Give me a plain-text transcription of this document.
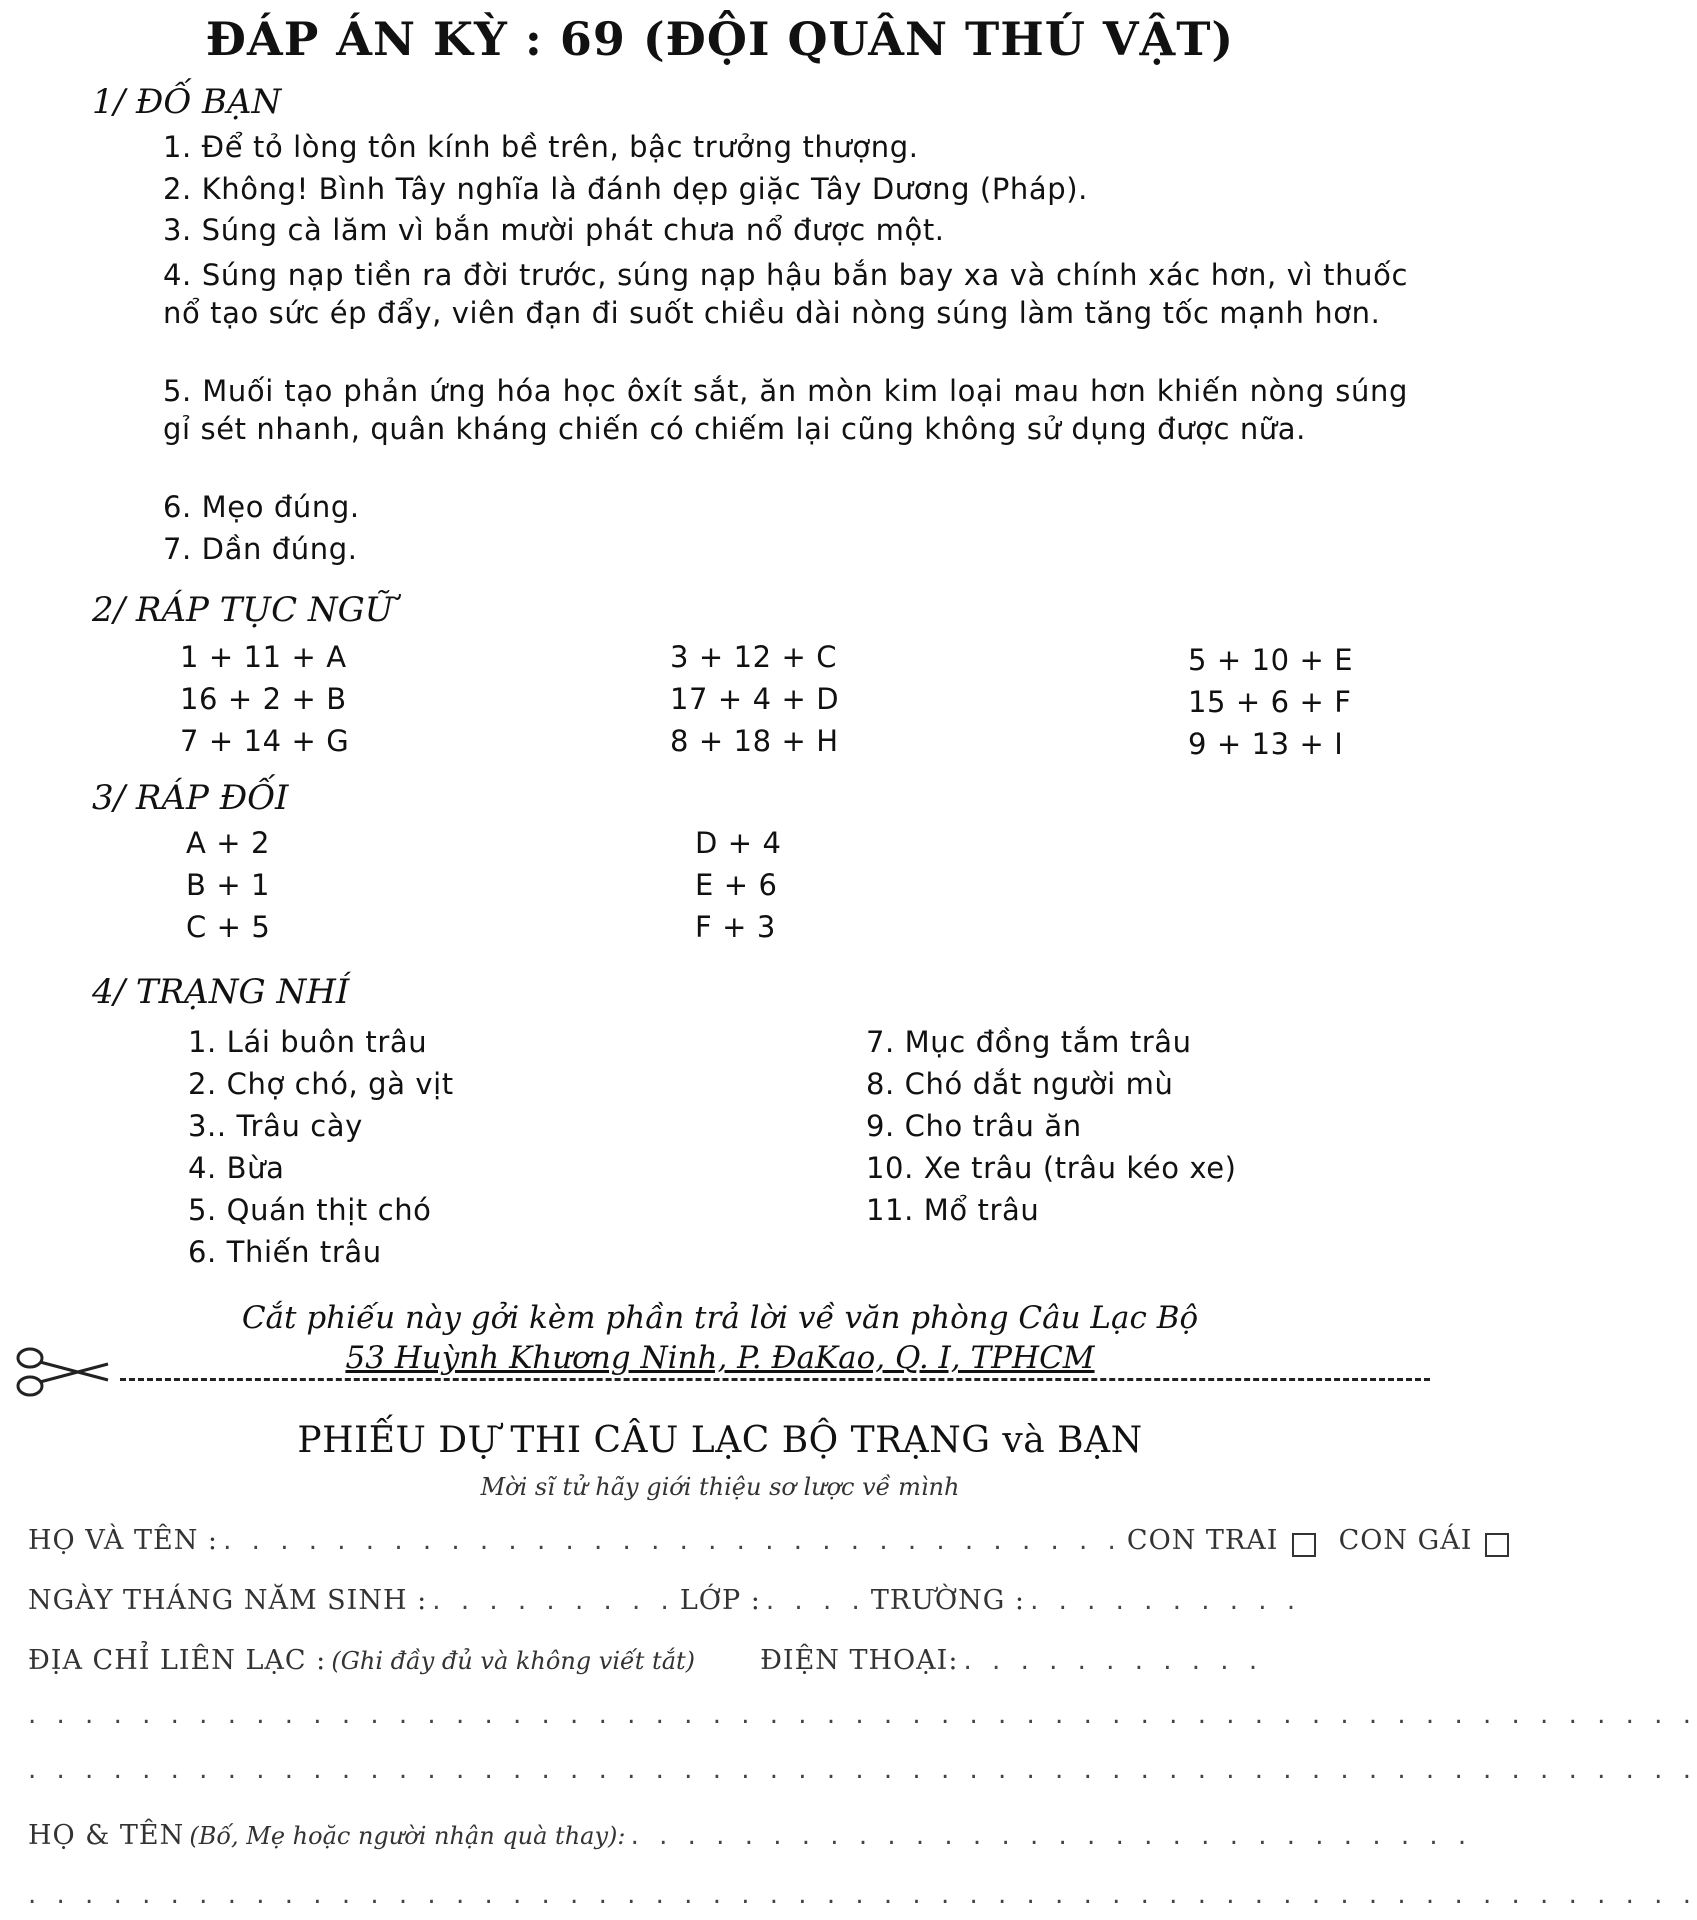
ĐÁP ÁN KỲ : 69 (ĐỘI QUÂN THÚ VẬT)
1/ ĐỐ BẠN
1. Để tỏ lòng tôn kính bề trên, bậc trưởng thượng.
2. Không! Bình Tây nghĩa là đánh dẹp giặc Tây Dương (Pháp).
3. Súng cà lăm vì bắn mười phát chưa nổ được một.
4. Súng nạp tiền ra đời trước, súng nạp hậu bắn bay xa và chính xác hơn, vì thuốc nổ tạo sức ép đẩy, viên đạn đi suốt chiều dài nòng súng làm tăng tốc mạnh hơn.
5. Muối tạo phản ứng hóa học ôxít sắt, ăn mòn kim loại mau hơn khiến nòng súng gỉ sét nhanh, quân kháng chiến có chiếm lại cũng không sử dụng được nữa.
6. Mẹo đúng.
7. Dần đúng.
2/ RÁP TỤC NGỮ
1 + 11 + A
16 + 2 + B
7 + 14 + G
3 + 12 + C
17 + 4 + D
8 + 18 + H
5 + 10 + E
15 + 6 + F
9 + 13 + I
3/ RÁP ĐỐI
A + 2
B + 1
C + 5
D + 4
E + 6
F + 3
4/ TRẠNG NHÍ
1. Lái buôn trâu
2. Chợ chó, gà vịt
3.. Trâu cày
4. Bừa
5. Quán thịt chó
6. Thiến trâu
7. Mục đồng tắm trâu
8. Chó dắt người mù
9. Cho trâu ăn
10. Xe trâu (trâu kéo xe)
11. Mổ trâu
Cắt phiếu này gởi kèm phần trả lời về văn phòng Câu Lạc Bộ
53 Huỳnh Khương Ninh, P. ĐaKao, Q. I, TPHCM
PHIẾU DỰ THI CÂU LẠC BỘ TRẠNG và BẠN
Mời sĩ tử hãy giới thiệu sơ lược về mình
HỌ VÀ TÊN : . . . . . . . . . . . . . . . . . . . . . . . . . . . . . . . . CON TRAI CON GÁI
NGÀY THÁNG NĂM SINH : . . . . . . . . . LỚP : . . . . TRƯỜNG : . . . . . . . . . .
ĐỊA CHỈ LIÊN LẠC : (Ghi đầy đủ và không viết tắt) ĐIỆN THOẠI: . . . . . . . . . . .
. . . . . . . . . . . . . . . . . . . . . . . . . . . . . . . . . . . . . . . . . . . . . . . . . . . . . . . . . . .
. . . . . . . . . . . . . . . . . . . . . . . . . . . . . . . . . . . . . . . . . . . . . . . . . . . . . . . . . . .
HỌ & TÊN (Bố, Mẹ hoặc người nhận quà thay): . . . . . . . . . . . . . . . . . . . . . . . . . . . . . .
. . . . . . . . . . . . . . . . . . . . . . . . . . . . . . . . . . . . . . . . . . . . . . . . . . . . . . . . . . .
